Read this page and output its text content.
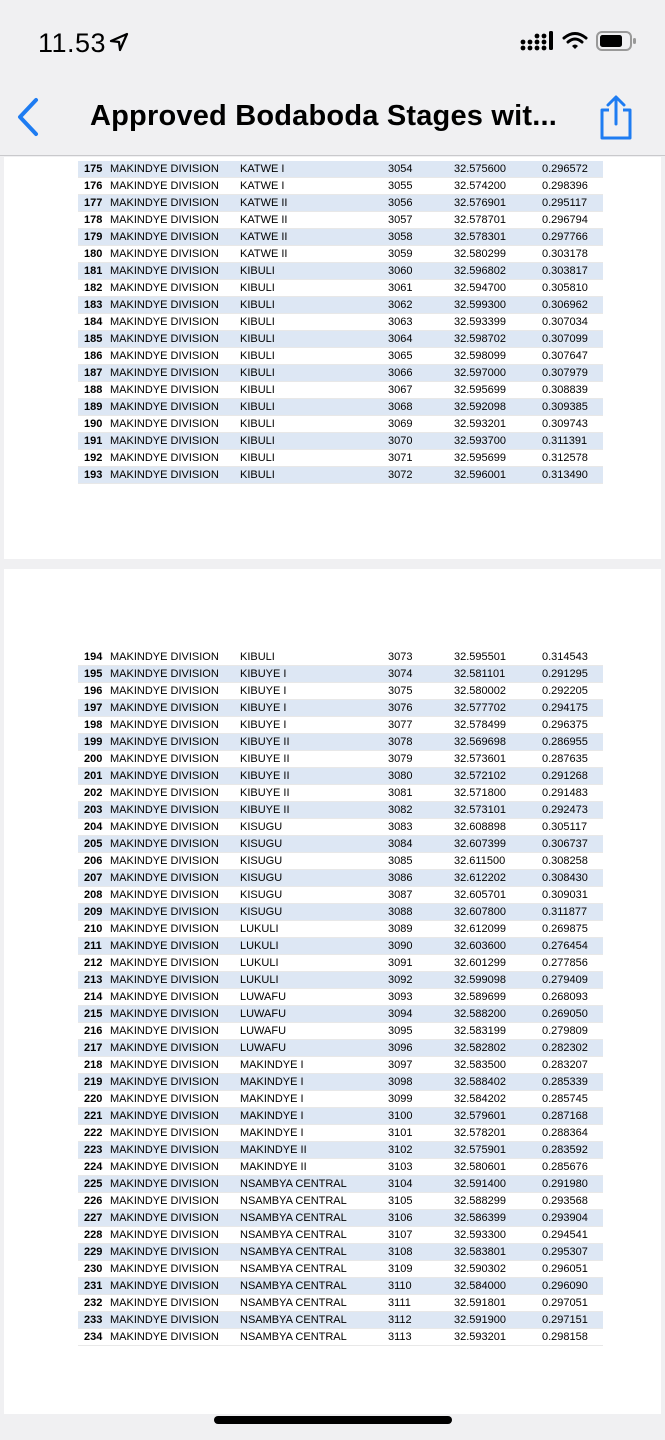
11.53
Approved Bodaboda Stages wit...
175	MAKINDYE DIVISION	KATWE I	3054	32.575600	0.296572
176	MAKINDYE DIVISION	KATWE I	3055	32.574200	0.298396
177	MAKINDYE DIVISION	KATWE II	3056	32.576901	0.295117
178	MAKINDYE DIVISION	KATWE II	3057	32.578701	0.296794
179	MAKINDYE DIVISION	KATWE II	3058	32.578301	0.297766
180	MAKINDYE DIVISION	KATWE II	3059	32.580299	0.303178
181	MAKINDYE DIVISION	KIBULI	3060	32.596802	0.303817
182	MAKINDYE DIVISION	KIBULI	3061	32.594700	0.305810
183	MAKINDYE DIVISION	KIBULI	3062	32.599300	0.306962
184	MAKINDYE DIVISION	KIBULI	3063	32.593399	0.307034
185	MAKINDYE DIVISION	KIBULI	3064	32.598702	0.307099
186	MAKINDYE DIVISION	KIBULI	3065	32.598099	0.307647
187	MAKINDYE DIVISION	KIBULI	3066	32.597000	0.307979
188	MAKINDYE DIVISION	KIBULI	3067	32.595699	0.308839
189	MAKINDYE DIVISION	KIBULI	3068	32.592098	0.309385
190	MAKINDYE DIVISION	KIBULI	3069	32.593201	0.309743
191	MAKINDYE DIVISION	KIBULI	3070	32.593700	0.311391
192	MAKINDYE DIVISION	KIBULI	3071	32.595699	0.312578
193	MAKINDYE DIVISION	KIBULI	3072	32.596001	0.313490
194	MAKINDYE DIVISION	KIBULI	3073	32.595501	0.314543
195	MAKINDYE DIVISION	KIBUYE I	3074	32.581101	0.291295
196	MAKINDYE DIVISION	KIBUYE I	3075	32.580002	0.292205
197	MAKINDYE DIVISION	KIBUYE I	3076	32.577702	0.294175
198	MAKINDYE DIVISION	KIBUYE I	3077	32.578499	0.296375
199	MAKINDYE DIVISION	KIBUYE II	3078	32.569698	0.286955
200	MAKINDYE DIVISION	KIBUYE II	3079	32.573601	0.287635
201	MAKINDYE DIVISION	KIBUYE II	3080	32.572102	0.291268
202	MAKINDYE DIVISION	KIBUYE II	3081	32.571800	0.291483
203	MAKINDYE DIVISION	KIBUYE II	3082	32.573101	0.292473
204	MAKINDYE DIVISION	KISUGU	3083	32.608898	0.305117
205	MAKINDYE DIVISION	KISUGU	3084	32.607399	0.306737
206	MAKINDYE DIVISION	KISUGU	3085	32.611500	0.308258
207	MAKINDYE DIVISION	KISUGU	3086	32.612202	0.308430
208	MAKINDYE DIVISION	KISUGU	3087	32.605701	0.309031
209	MAKINDYE DIVISION	KISUGU	3088	32.607800	0.311877
210	MAKINDYE DIVISION	LUKULI	3089	32.612099	0.269875
211	MAKINDYE DIVISION	LUKULI	3090	32.603600	0.276454
212	MAKINDYE DIVISION	LUKULI	3091	32.601299	0.277856
213	MAKINDYE DIVISION	LUKULI	3092	32.599098	0.279409
214	MAKINDYE DIVISION	LUWAFU	3093	32.589699	0.268093
215	MAKINDYE DIVISION	LUWAFU	3094	32.588200	0.269050
216	MAKINDYE DIVISION	LUWAFU	3095	32.583199	0.279809
217	MAKINDYE DIVISION	LUWAFU	3096	32.582802	0.282302
218	MAKINDYE DIVISION	MAKINDYE I	3097	32.583500	0.283207
219	MAKINDYE DIVISION	MAKINDYE I	3098	32.588402	0.285339
220	MAKINDYE DIVISION	MAKINDYE I	3099	32.584202	0.285745
221	MAKINDYE DIVISION	MAKINDYE I	3100	32.579601	0.287168
222	MAKINDYE DIVISION	MAKINDYE I	3101	32.578201	0.288364
223	MAKINDYE DIVISION	MAKINDYE II	3102	32.575901	0.283592
224	MAKINDYE DIVISION	MAKINDYE II	3103	32.580601	0.285676
225	MAKINDYE DIVISION	NSAMBYA CENTRAL	3104	32.591400	0.291980
226	MAKINDYE DIVISION	NSAMBYA CENTRAL	3105	32.588299	0.293568
227	MAKINDYE DIVISION	NSAMBYA CENTRAL	3106	32.586399	0.293904
228	MAKINDYE DIVISION	NSAMBYA CENTRAL	3107	32.593300	0.294541
229	MAKINDYE DIVISION	NSAMBYA CENTRAL	3108	32.583801	0.295307
230	MAKINDYE DIVISION	NSAMBYA CENTRAL	3109	32.590302	0.296051
231	MAKINDYE DIVISION	NSAMBYA CENTRAL	3110	32.584000	0.296090
232	MAKINDYE DIVISION	NSAMBYA CENTRAL	3111	32.591801	0.297051
233	MAKINDYE DIVISION	NSAMBYA CENTRAL	3112	32.591900	0.297151
234	MAKINDYE DIVISION	NSAMBYA CENTRAL	3113	32.593201	0.298158
